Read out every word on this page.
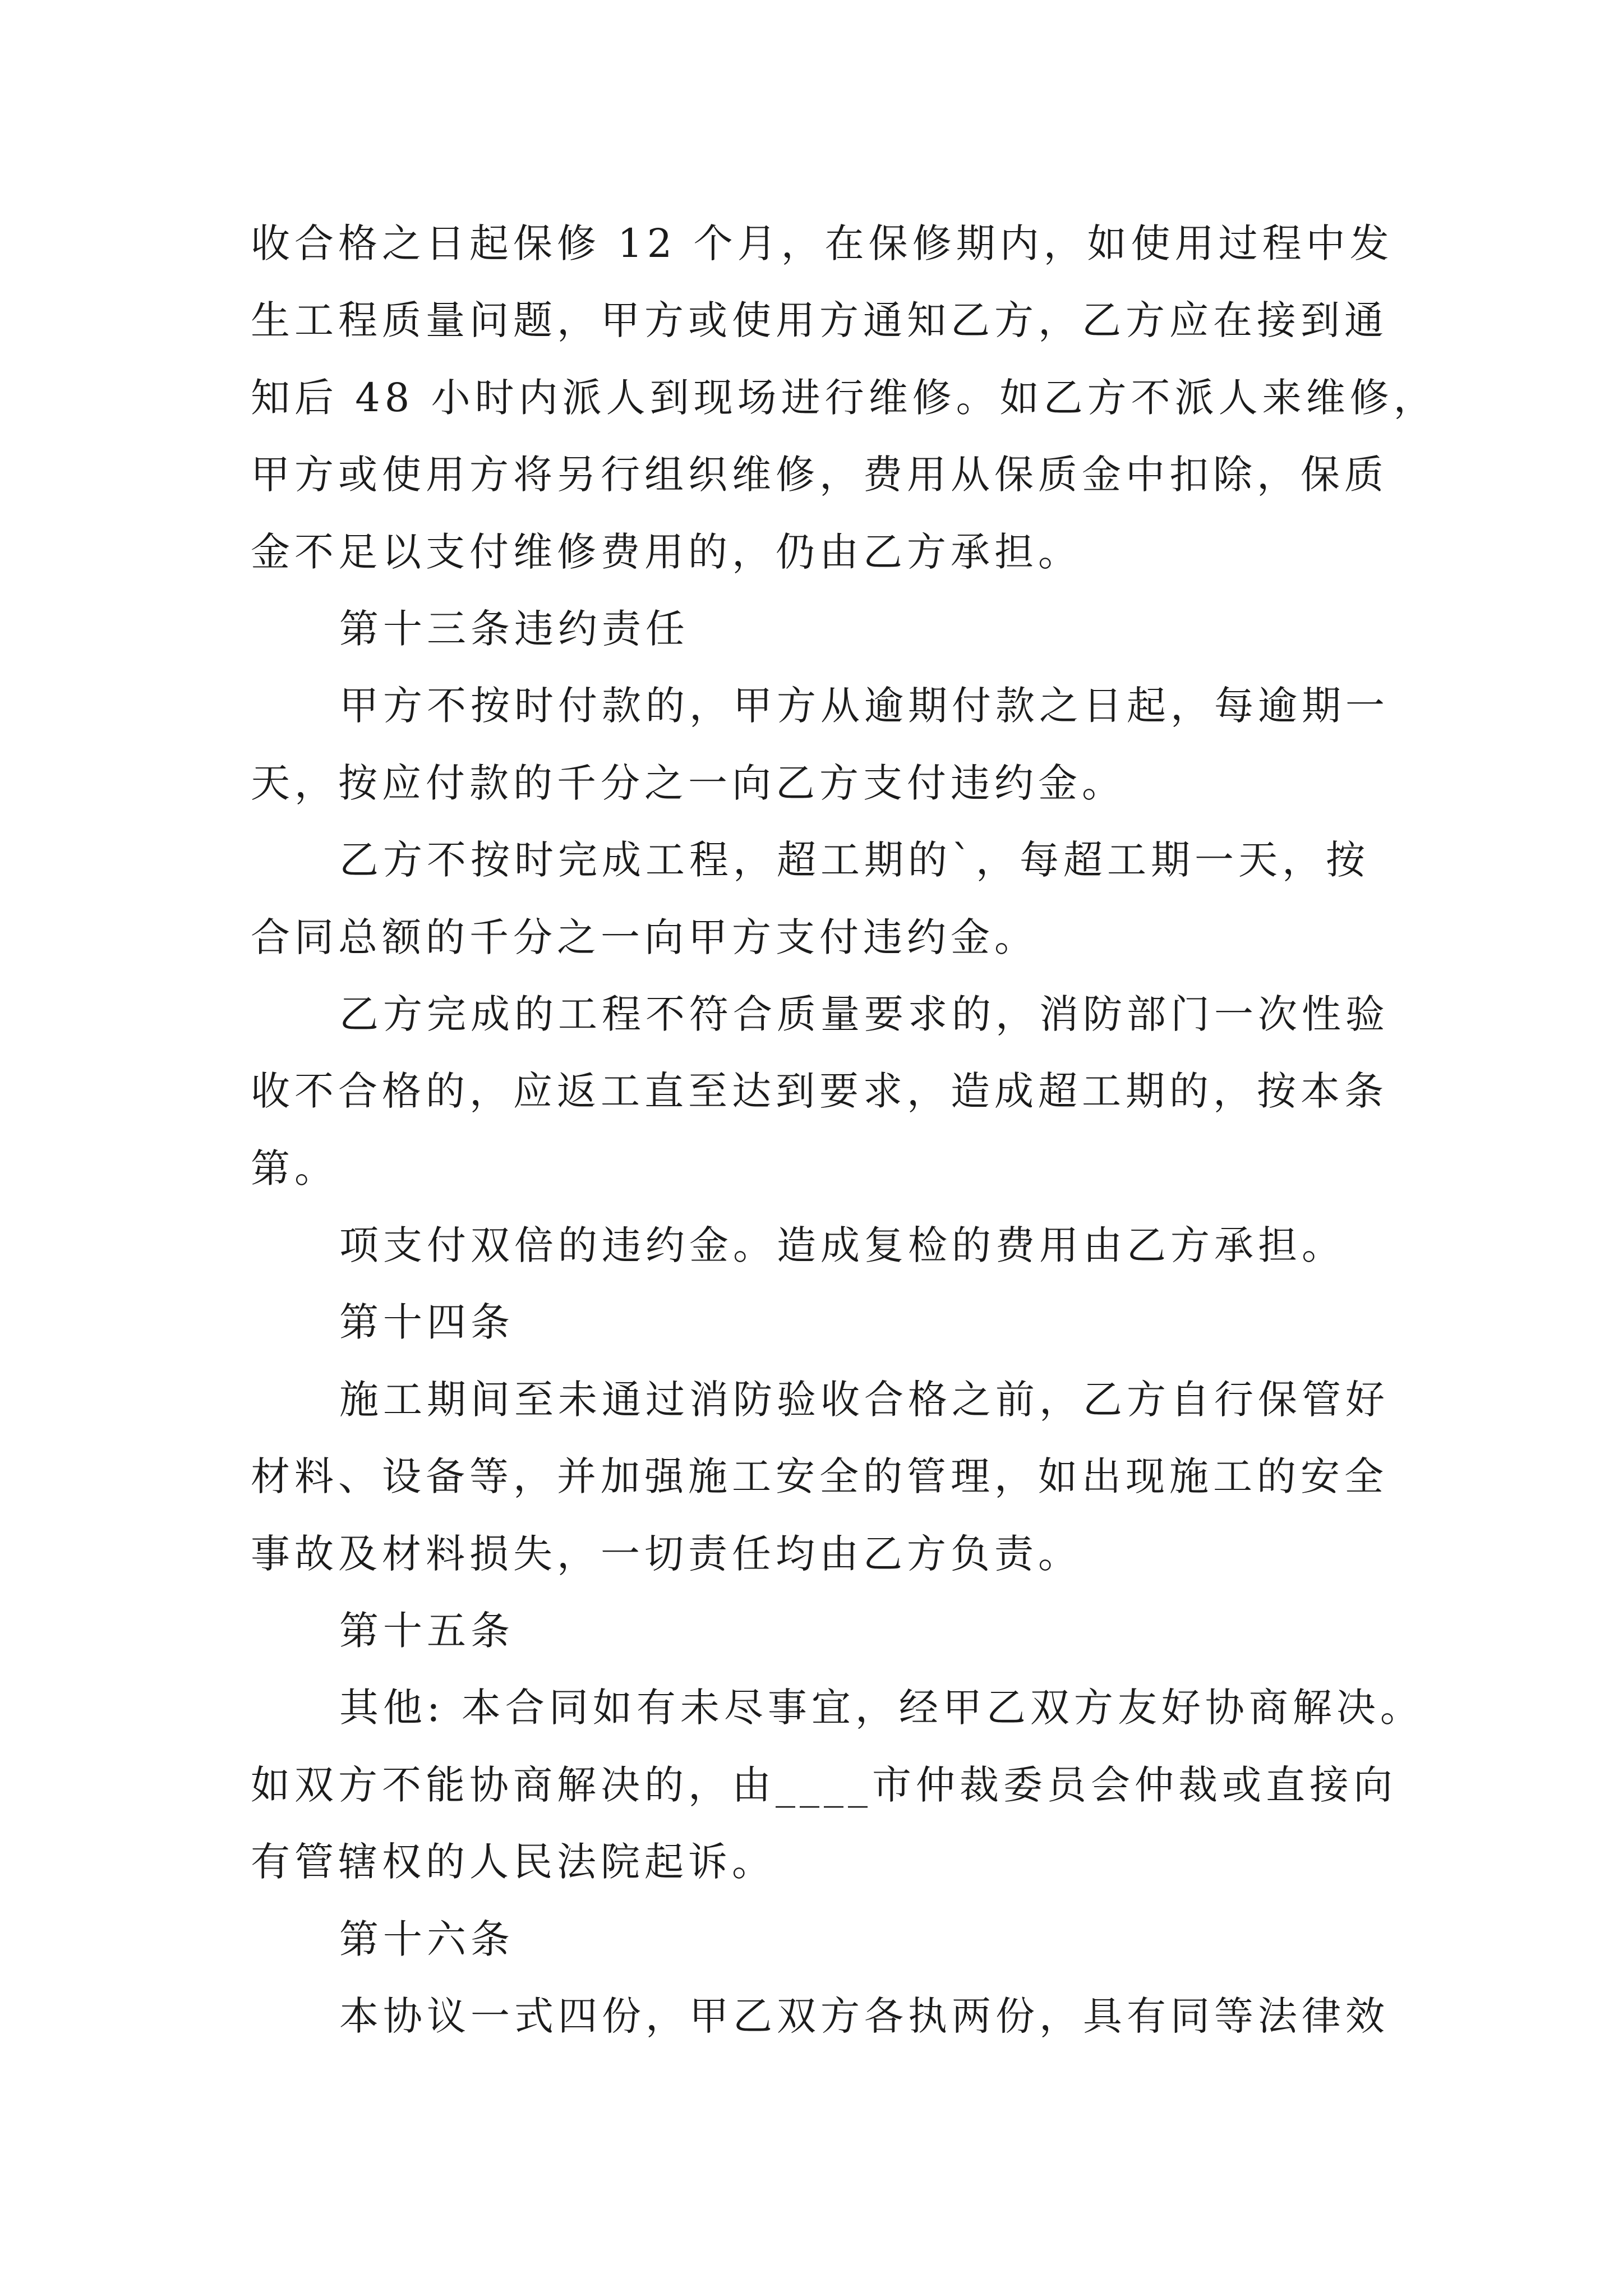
收合格之日起保修 12 个月，在保修期内，如使用过程中发
生工程质量问题，甲方或使用方通知乙方，乙方应在接到通
知后 48 小时内派人到现场进行维修。如乙方不派人来维修，
甲方或使用方将另行组织维修，费用从保质金中扣除，保质
金不足以支付维修费用的，仍由乙方承担。
第十三条违约责任
甲方不按时付款的，甲方从逾期付款之日起，每逾期一
天，按应付款的千分之一向乙方支付违约金。
乙方不按时完成工程，超工期的`，每超工期一天，按
合同总额的千分之一向甲方支付违约金。
乙方完成的工程不符合质量要求的，消防部门一次性验
收不合格的，应返工直至达到要求，造成超工期的，按本条
第。
项支付双倍的违约金。造成复检的费用由乙方承担。
第十四条
施工期间至未通过消防验收合格之前，乙方自行保管好
材料、设备等，并加强施工安全的管理，如出现施工的安全
事故及材料损失，一切责任均由乙方负责。
第十五条
其他: 本合同如有未尽事宜，经甲乙双方友好协商解决。
如双方不能协商解决的，由____市仲裁委员会仲裁或直接向
有管辖权的人民法院起诉。
第十六条
本协议一式四份，甲乙双方各执两份，具有同等法律效
